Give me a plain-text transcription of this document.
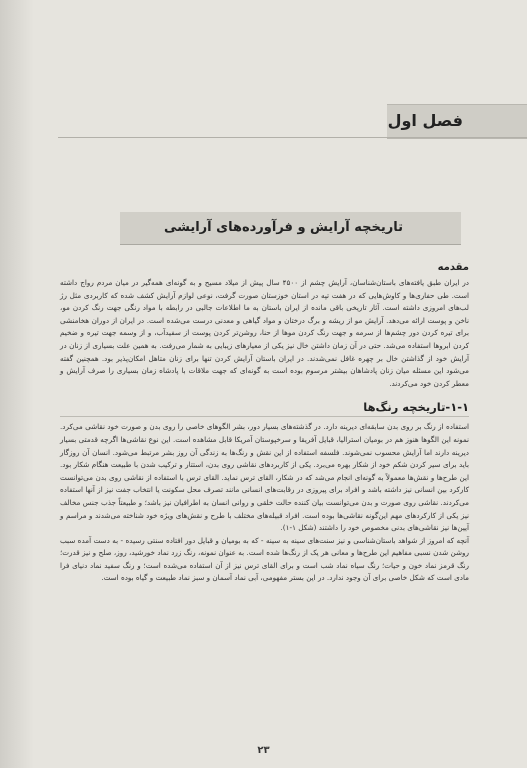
فصل اول
تاریخچه آرایش و فرآورده‌های آرایشی
مقدمه

در ایران طبق یافته‌های باستان‌شناسان، آرایش چشم از ۴۵۰۰ سال پیش از میلاد مسیح و به گونه‌ای همه‌گیر در میان مردم رواج داشته است. طی حفاری‌ها و کاوش‌هایی که در هفت تپه در استان خوزستان صورت گرفت، نوعی لوازم آرایش کشف شده که کاربردی مثل رژ لب‌های امروزی داشته است. آثار تاریخی باقی مانده از ایران باستان به ما اطلاعات جالبی در رابطه با مواد رنگی جهت رنگ کردن مو، ناخن و پوست ارائه می‌دهد. آرایش مو از ریشه و برگ درختان و مواد گیاهی و معدنی درست می‌شده است. در ایران از دوران هخامنشی برای تیره کردن دور چشم‌ها از سرمه و جهت رنگ کردن موها از حنا، روشن‌تر کردن پوست از سفیدآب، و از وسمه جهت تیره و ضخیم کردن ابروها استفاده می‌شد. حتی در آن زمان داشتن خال نیز یکی از معیارهای زیبایی به شمار می‌رفت. به همین علت بسیاری از زنان در آرایش خود از گذاشتن خال بر چهره غافل نمی‌شدند. در ایران باستان آرایش کردن تنها برای زنان متاهل امکان‌پذیر بود. همچنین گفته می‌شود این مسئله میان زنان پادشاهان بیشتر مرسوم بوده است به گونه‌ای که جهت ملاقات با پادشاه زمان بسیاری را صرف آرایش و معطر کردن خود می‌کردند.

۱-۱-تاریخچه رنگ‌ها

استفاده از رنگ بر روی بدن سابقه‌ای دیرینه دارد. در گذشته‌های بسیار دور، بشر الگوهای خاصی را روی بدن و صورت خود نقاشی می‌کرد. نمونه این الگوها هنوز هم در بومیان استرالیا، قبایل آفریقا و سرخپوستان آمریکا قابل مشاهده است. این نوع نقاشی‌ها اگرچه قدمتی بسیار دیرینه دارند اما آرایش محسوب نمی‌شوند. فلسفه استفاده از این نقش و رنگ‌ها به زندگی آن روز بشر مرتبط می‌شود. انسان آن روزگار باید برای سیر کردن شکم خود از شکار بهره می‌برد. یکی از کاربردهای نقاشی روی بدن، استتار و ترکیب شدن با طبیعت هنگام شکار بود. این طرح‌ها و نقش‌ها معمولاً به گونه‌ای انجام می‌شد که در شکار، القای ترس نماید. القای ترس با استفاده از نقاشی روی بدن می‌توانست کارکرد بین انسانی نیز داشته باشد و افراد برای پیروزی در رقابت‌های انسانی مانند تصرف محل سکونت یا انتخاب جفت نیز از آنها استفاده می‌کردند. نقاشی روی صورت و بدن می‌توانست بیان کننده حالت خلقی و روانی انسان به اطرافیان نیز باشد؛ و طبیعتاً جذب جنس مخالف نیز یکی از کارکردهای مهم این‌گونه نقاشی‌ها بوده است. افراد قبیله‌های مختلف با طرح و نقش‌های ویژه خود شناخته می‌شدند و مراسم و آیین‌ها نیز نقاشی‌های بدنی مخصوص خود را داشتند (شکل ۱-۱).

آنچه که امروز از شواهد باستان‌شناسی و نیز سنت‌های سینه به سینه - که به بومیان و قبایل دور افتاده سنتی رسیده - به دست آمده سبب روشن شدن نسبی مفاهیم این طرح‌ها و معانی هر یک از رنگ‌ها شده است. به عنوان نمونه، رنگ زرد نماد خورشید، روز، صلح و نیز قدرت؛ رنگ قرمز نماد خون و حیات؛ رنگ سیاه نماد شب است و برای القای ترس نیز از آن استفاده می‌شده است؛ و رنگ سفید نماد دنیای فرا مادی است که شکل خاصی برای آن وجود ندارد. در این بستر مفهومی، آبی نماد آسمان و سبز نماد طبیعت و گیاه بوده است.

۲۳
